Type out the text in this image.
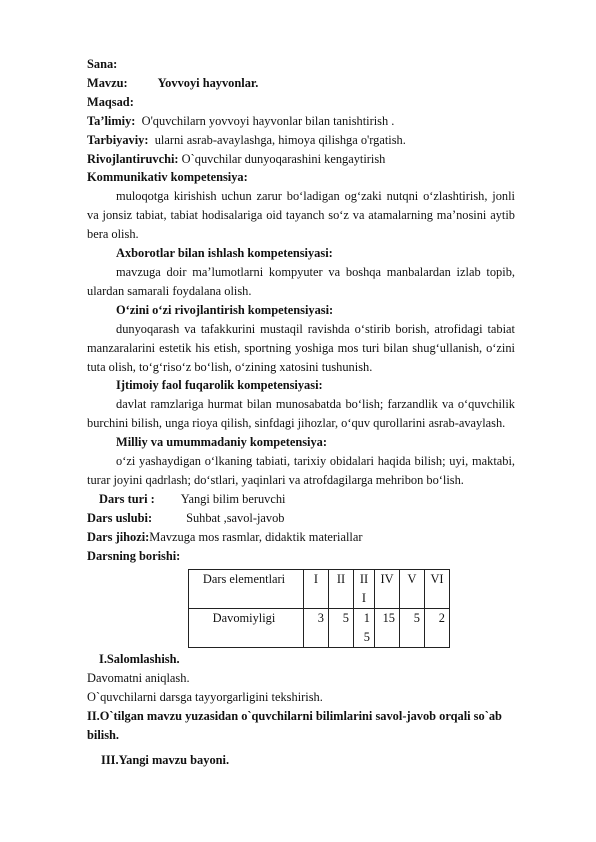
Sana:
Mavzu: Yovvoyi hayvonlar.
Maqsad:
Ta’limiy: O'quvchilarn yovvoyi hayvonlar bilan tanishtirish .
Tarbiyaviy: ularni asrab-avaylashga, himoya qilishga o'rgatish.
Rivojlantiruvchi: O`quvchilar dunyoqarashini kengaytirish
Kommunikativ kompetensiya:
muloqotga kirishish uchun zarur bo‘ladigan og‘zaki nutqni o‘zlashtirish, jonli va jonsiz tabiat, tabiat hodisalariga oid tayanch so‘z va atamalarning ma’nosini aytib bera olish.
Axborotlar bilan ishlash kompetensiyasi:
mavzuga doir ma’lumotlarni kompyuter va boshqa manbalardan izlab topib, ulardan samarali foydalana olish.
O‘zini o‘zi rivojlantirish kompetensiyasi:
dunyoqarash va tafakkurini mustaqil ravishda o‘stirib borish, atrofidagi tabiat manzaralarini estetik his etish, sportning yoshiga mos turi bilan shug‘ullanish, o‘zini tuta olish, to‘g‘riso‘z bo‘lish, o‘zining xatosini tushunish.
Ijtimoiy faol fuqarolik kompetensiyasi:
davlat ramzlariga hurmat bilan munosabatda bo‘lish; farzandlik va o‘quvchilik burchini bilish, unga rioya qilish, sinfdagi jihozlar, o‘quv qurollarini asrab-avaylash.
Milliy va umummadaniy kompetensiya:
o‘zi yashaydigan o‘lkaning tabiati, tarixiy obidalari haqida bilish; uyi, maktabi, turar joyini qadrlash; do‘stlari, yaqinlari va atrofdagilarga mehribon bo‘lish.
Dars turi : Yangi bilim beruvchi
Dars uslubi:	Suhbat ,savol-javob
Dars jihozi:Mavzuga mos rasmlar, didaktik materiallar
Darsning borishi:
Dars elementlari	I	II	II I	IV	V	VI
Davomiyligi	3	5	1 5	15	5	2
I.Salomlashish.
Davomatni aniqlash.
O`quvchilarni darsga tayyorgarligini tekshirish.
II.O`tilgan mavzu yuzasidan o`quvchilarni bilimlarini savol-javob orqali so`ab bilish.
III.Yangi mavzu bayoni.
